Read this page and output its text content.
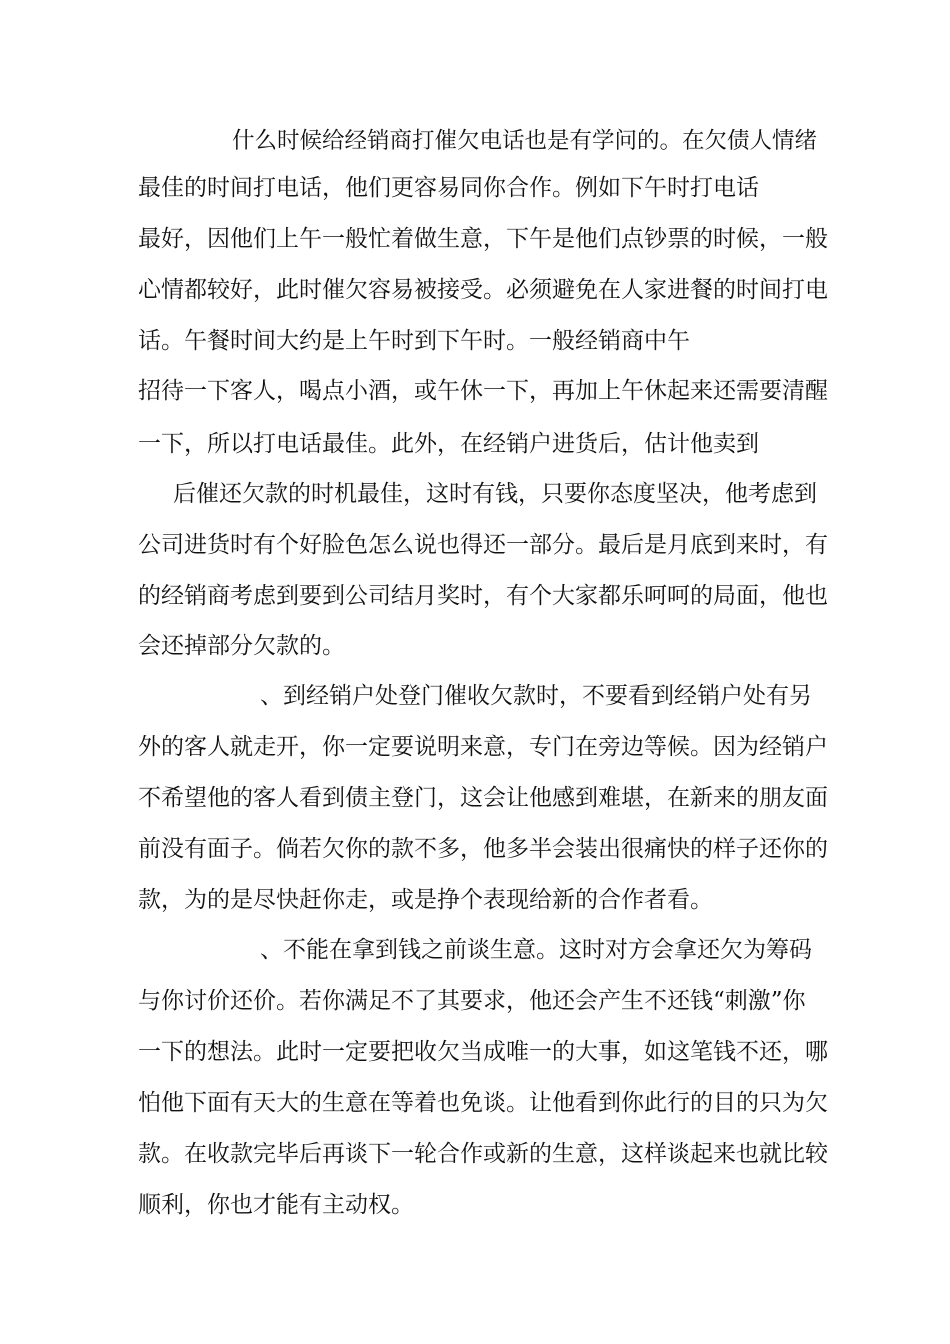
什么时候给经销商打催欠电话也是有学问的。在欠债人情绪
最佳的时间打电话，他们更容易同你合作。例如下午时打电话
最好，因他们上午一般忙着做生意，下午是他们点钞票的时候，一般
心情都较好，此时催欠容易被接受。必须避免在人家进餐的时间打电
话。午餐时间大约是上午时到下午时。一般经销商中午
招待一下客人，喝点小酒，或午休一下，再加上午休起来还需要清醒
一下，所以打电话最佳。此外，在经销户进货后，估计他卖到
后催还欠款的时机最佳，这时有钱，只要你态度坚决，他考虑到
公司进货时有个好脸色怎么说也得还一部分。最后是月底到来时，有
的经销商考虑到要到公司结月奖时，有个大家都乐呵呵的局面，他也
会还掉部分欠款的。
、到经销户处登门催收欠款时，不要看到经销户处有另
外的客人就走开，你一定要说明来意，专门在旁边等候。因为经销户
不希望他的客人看到债主登门，这会让他感到难堪，在新来的朋友面
前没有面子。倘若欠你的款不多，他多半会装出很痛快的样子还你的
款，为的是尽快赶你走，或是挣个表现给新的合作者看。
、不能在拿到钱之前谈生意。这时对方会拿还欠为筹码
与你讨价还价。若你满足不了其要求，他还会产生不还钱“刺激”你
一下的想法。此时一定要把收欠当成唯一的大事，如这笔钱不还，哪
怕他下面有天大的生意在等着也免谈。让他看到你此行的目的只为欠
款。在收款完毕后再谈下一轮合作或新的生意，这样谈起来也就比较
顺利，你也才能有主动权。
